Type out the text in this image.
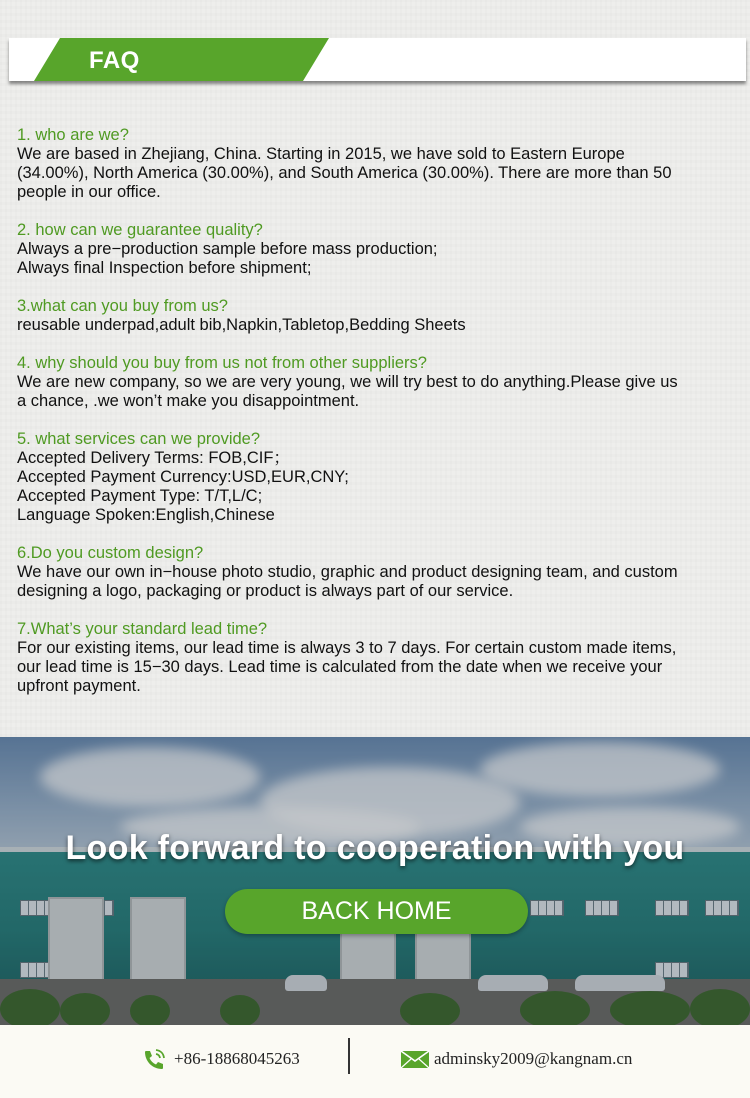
FAQ

1. who are we?

We are based in Zhejiang, China. Starting in 2015, we have sold to Eastern Europe

(34.00%), North America (30.00%), and South America (30.00%). There are more than 50

people in our office.

2. how can we guarantee quality?

Always a pre−production sample before mass production;

Always final Inspection before shipment;

3.what can you buy from us?

reusable underpad,adult bib,Napkin,Tabletop,Bedding Sheets

4. why should you buy from us not from other suppliers?

We are new company, so we are very young, we will try best to do anything.Please give us

a chance, .we won’t make you disappointment.

5. what services can we provide?

Accepted Delivery Terms: FOB,CIF；

Accepted Payment Currency:USD,EUR,CNY;

Accepted Payment Type: T/T,L/C;

Language Spoken:English,Chinese

6.Do you custom design?

We have our own in−house photo studio, graphic and product designing team, and custom

designing a logo, packaging or product is always part of our service.

7.What’s your standard lead time?

For our existing items, our lead time is always 3 to 7 days. For certain custom made items,

our lead time is 15−30 days. Lead time is calculated from the date when we receive your

upfront payment.

Look forward to cooperation with you
BACK HOME
+86-18868045263	adminsky2009@kangnam.cn
